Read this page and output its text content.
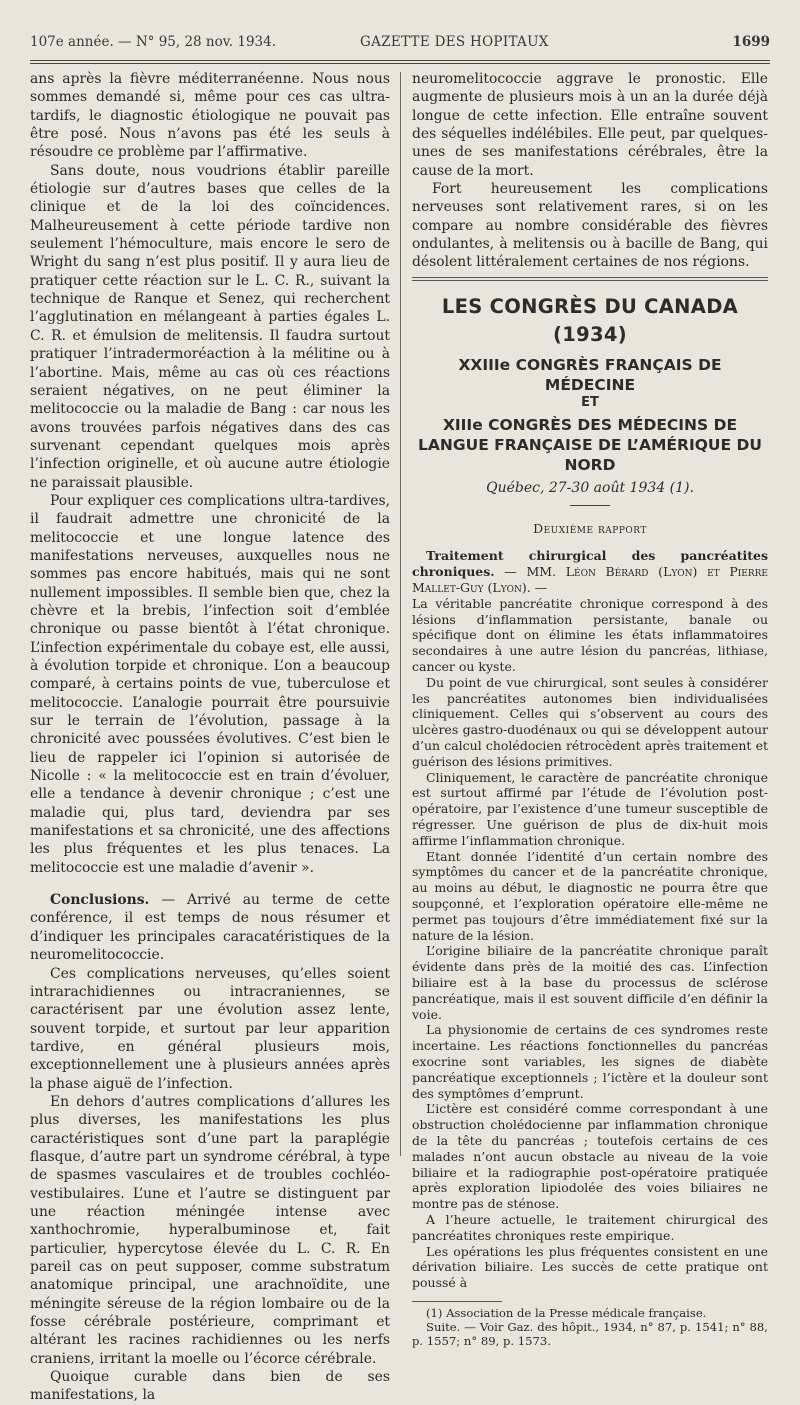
107e année. — N° 95, 28 nov. 1934.	GAZETTE DES HOPITAUX	1699

ans après la fièvre méditerranéenne. Nous nous sommes demandé si, même pour ces cas ultra-tardifs, le diagnostic étiologique ne pouvait pas être posé. Nous n’avons pas été les seuls à résoudre ce problème par l’affirmative.

Sans doute, nous voudrions établir pareille étiologie sur d’autres bases que celles de la clinique et de la loi des coïncidences. Malheureusement à cette période tardive non seulement l’hémoculture, mais encore le sero de Wright du sang n’est plus positif. Il y aura lieu de pratiquer cette réaction sur le L. C. R., suivant la technique de Ranque et Senez, qui recherchent l’agglutination en mélangeant à parties égales L. C. R. et émulsion de melitensis. Il faudra surtout pratiquer l’intradermoréaction à la mélitine ou à l’abortine. Mais, même au cas où ces réactions seraient négatives, on ne peut éliminer la melitococcie ou la maladie de Bang : car nous les avons trouvées parfois négatives dans des cas survenant cependant quelques mois après l’infection originelle, et où aucune autre étiologie ne paraissait plausible.

Pour expliquer ces complications ultra-tardives, il faudrait admettre une chronicité de la melitococcie et une longue latence des manifestations nerveuses, auxquelles nous ne sommes pas encore habitués, mais qui ne sont nullement impossibles. Il semble bien que, chez la chèvre et la brebis, l’infection soit d’emblée chronique ou passe bientôt à l’état chronique. L’infection expérimentale du cobaye est, elle aussi, à évolution torpide et chronique. L’on a beaucoup comparé, à certains points de vue, tuberculose et melitococcie. L’analogie pourrait être poursuivie sur le terrain de l’évolution, passage à la chronicité avec poussées évolutives. C’est bien le lieu de rappeler ici l’opinion si autorisée de Nicolle : « la melitococcie est en train d’évoluer, elle a tendance à devenir chronique ; c’est une maladie qui, plus tard, deviendra par ses manifestations et sa chronicité, une des affections les plus fréquentes et les plus tenaces. La melitococcie est une maladie d’avenir ».

Conclusions. — Arrivé au terme de cette conférence, il est temps de nous résumer et d’indiquer les principales caracatéristiques de la neuromelitococcie.

Ces complications nerveuses, qu’elles soient intrarachidiennes ou intracraniennes, se caractérisent par une évolution assez lente, souvent torpide, et surtout par leur apparition tardive, en général plusieurs mois, exceptionnellement une à plusieurs années après la phase aiguë de l’infection.

En dehors d’autres complications d’allures les plus diverses, les manifestations les plus caractéristiques sont d’une part la paraplégie flasque, d’autre part un syndrome cérébral, à type de spasmes vasculaires et de troubles cochléo-vestibulaires. L’une et l’autre se distinguent par une réaction méningée intense avec xanthochromie, hyperalbuminose et, fait particulier, hypercytose élevée du L. C. R. En pareil cas on peut supposer, comme substratum anatomique principal, une arachnoïdite, une méningite séreuse de la région lombaire ou de la fosse cérébrale postérieure, comprimant et altérant les racines rachidiennes ou les nerfs craniens, irritant la moelle ou l’écorce cérébrale.

Quoique curable dans bien de ses manifestations, la

neuromelitococcie aggrave le pronostic. Elle augmente de plusieurs mois à un an la durée déjà longue de cette infection. Elle entraîne souvent des séquelles indélébiles. Elle peut, par quelques-unes de ses manifestations cérébrales, être la cause de la mort.

Fort heureusement les complications nerveuses sont relativement rares, si on les compare au nombre considérable des fièvres ondulantes, à melitensis ou à bacille de Bang, qui désolent littéralement certaines de nos régions.

LES CONGRÈS DU CANADA (1934)
XXIIIe CONGRÈS FRANÇAIS DE MÉDECINE
ET
XIIIe CONGRÈS DES MÉDECINS DE LANGUE FRANÇAISE DE L’AMÉRIQUE DU NORD
Québec, 27-30 août 1934 (1).
Deuxième rapport

Traitement chirurgical des pancréatites chroniques. — MM. Léon Bérard (Lyon) et Pierre Mallet-Guy (Lyon). —

La véritable pancréatite chronique correspond à des lésions d’inflammation persistante, banale ou spécifique dont on élimine les états inflammatoires secondaires à une autre lésion du pancréas, lithiase, cancer ou kyste.

Du point de vue chirurgical, sont seules à considérer les pancréatites autonomes bien individualisées cliniquement. Celles qui s’observent au cours des ulcères gastro-duodénaux ou qui se développent autour d’un calcul cholédocien rétrocèdent après traitement et guérison des lésions primitives.

Cliniquement, le caractère de pancréatite chronique est surtout affirmé par l’étude de l’évolution post-opératoire, par l’existence d’une tumeur susceptible de régresser. Une guérison de plus de dix-huit mois affirme l’inflammation chronique.

Etant donnée l’identité d’un certain nombre des symptômes du cancer et de la pancréatite chronique, au moins au début, le diagnostic ne pourra être que soupçonné, et l’exploration opératoire elle-même ne permet pas toujours d’être immédiatement fixé sur la nature de la lésion.

L’origine biliaire de la pancréatite chronique paraît évidente dans près de la moitié des cas. L’infection biliaire est à la base du processus de sclérose pancréatique, mais il est souvent difficile d’en définir la voie.

La physionomie de certains de ces syndromes reste incertaine. Les réactions fonctionnelles du pancréas exocrine sont variables, les signes de diabète pancréatique exceptionnels ; l’ictère et la douleur sont des symptômes d’emprunt.

L’ictère est considéré comme correspondant à une obstruction cholédocienne par inflammation chronique de la tête du pancréas ; toutefois certains de ces malades n’ont aucun obstacle au niveau de la voie biliaire et la radiographie post-opératoire pratiquée après exploration lipiodolée des voies biliaires ne montre pas de sténose.

A l’heure actuelle, le traitement chirurgical des pancréatites chroniques reste empirique.

Les opérations les plus fréquentes consistent en une dérivation biliaire. Les succès de cette pratique ont poussé à

(1) Association de la Presse médicale française.

Suite. — Voir Gaz. des hôpit., 1934, n° 87, p. 1541; n° 88, p. 1557; n° 89, p. 1573.
